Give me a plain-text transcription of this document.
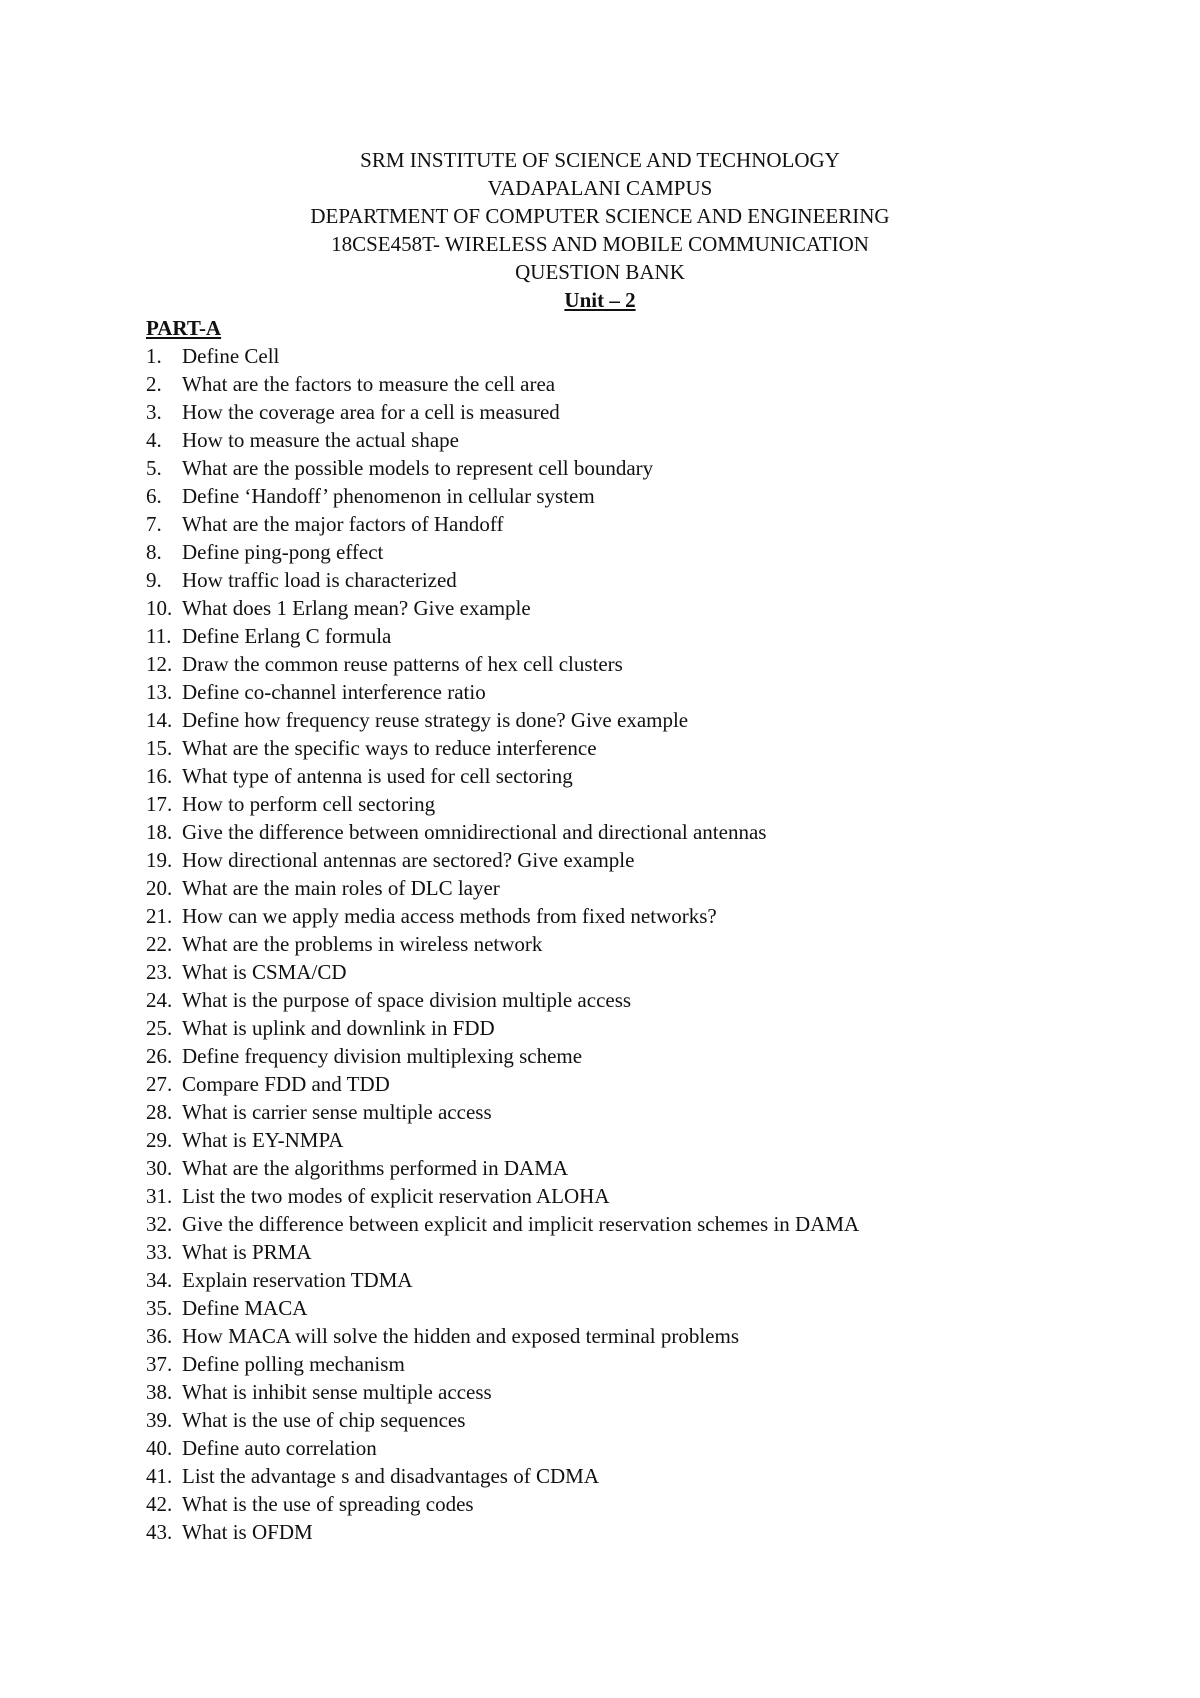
SRM INSTITUTE OF SCIENCE AND TECHNOLOGY
VADAPALANI CAMPUS
DEPARTMENT OF COMPUTER SCIENCE AND ENGINEERING
18CSE458T- WIRELESS AND MOBILE COMMUNICATION
QUESTION BANK
Unit – 2
PART-A
1. Define Cell
2. What are the factors to measure the cell area
3. How the coverage area for a cell is measured
4. How to measure the actual shape
5. What are the possible models to represent cell boundary
6. Define ‘Handoff’ phenomenon in cellular system
7. What are the major factors of Handoff
8. Define ping-pong effect
9. How traffic load is characterized
10. What does 1 Erlang mean? Give example
11. Define Erlang C formula
12. Draw the common reuse patterns of hex cell clusters
13. Define co-channel interference ratio
14. Define how frequency reuse strategy is done? Give example
15. What are the specific ways to reduce interference
16. What type of antenna is used for cell sectoring
17. How to perform cell sectoring
18. Give the difference between omnidirectional and directional antennas
19. How directional antennas are sectored? Give example
20. What are the main roles of DLC layer
21. How can we apply media access methods from fixed networks?
22. What are the problems in wireless network
23. What is CSMA/CD
24. What is the purpose of space division multiple access
25. What is uplink and downlink in FDD
26. Define frequency division multiplexing scheme
27. Compare FDD and TDD
28. What is carrier sense multiple access
29. What is EY-NMPA
30. What are the algorithms performed in DAMA
31. List the two modes of explicit reservation ALOHA
32. Give the difference between explicit and implicit reservation schemes in DAMA
33. What is PRMA
34. Explain reservation TDMA
35. Define MACA
36. How MACA will solve the hidden and exposed terminal problems
37. Define polling mechanism
38. What is inhibit sense multiple access
39. What is the use of chip sequences
40. Define auto correlation
41. List the advantage s and disadvantages of CDMA
42. What is the use of spreading codes
43. What is OFDM
